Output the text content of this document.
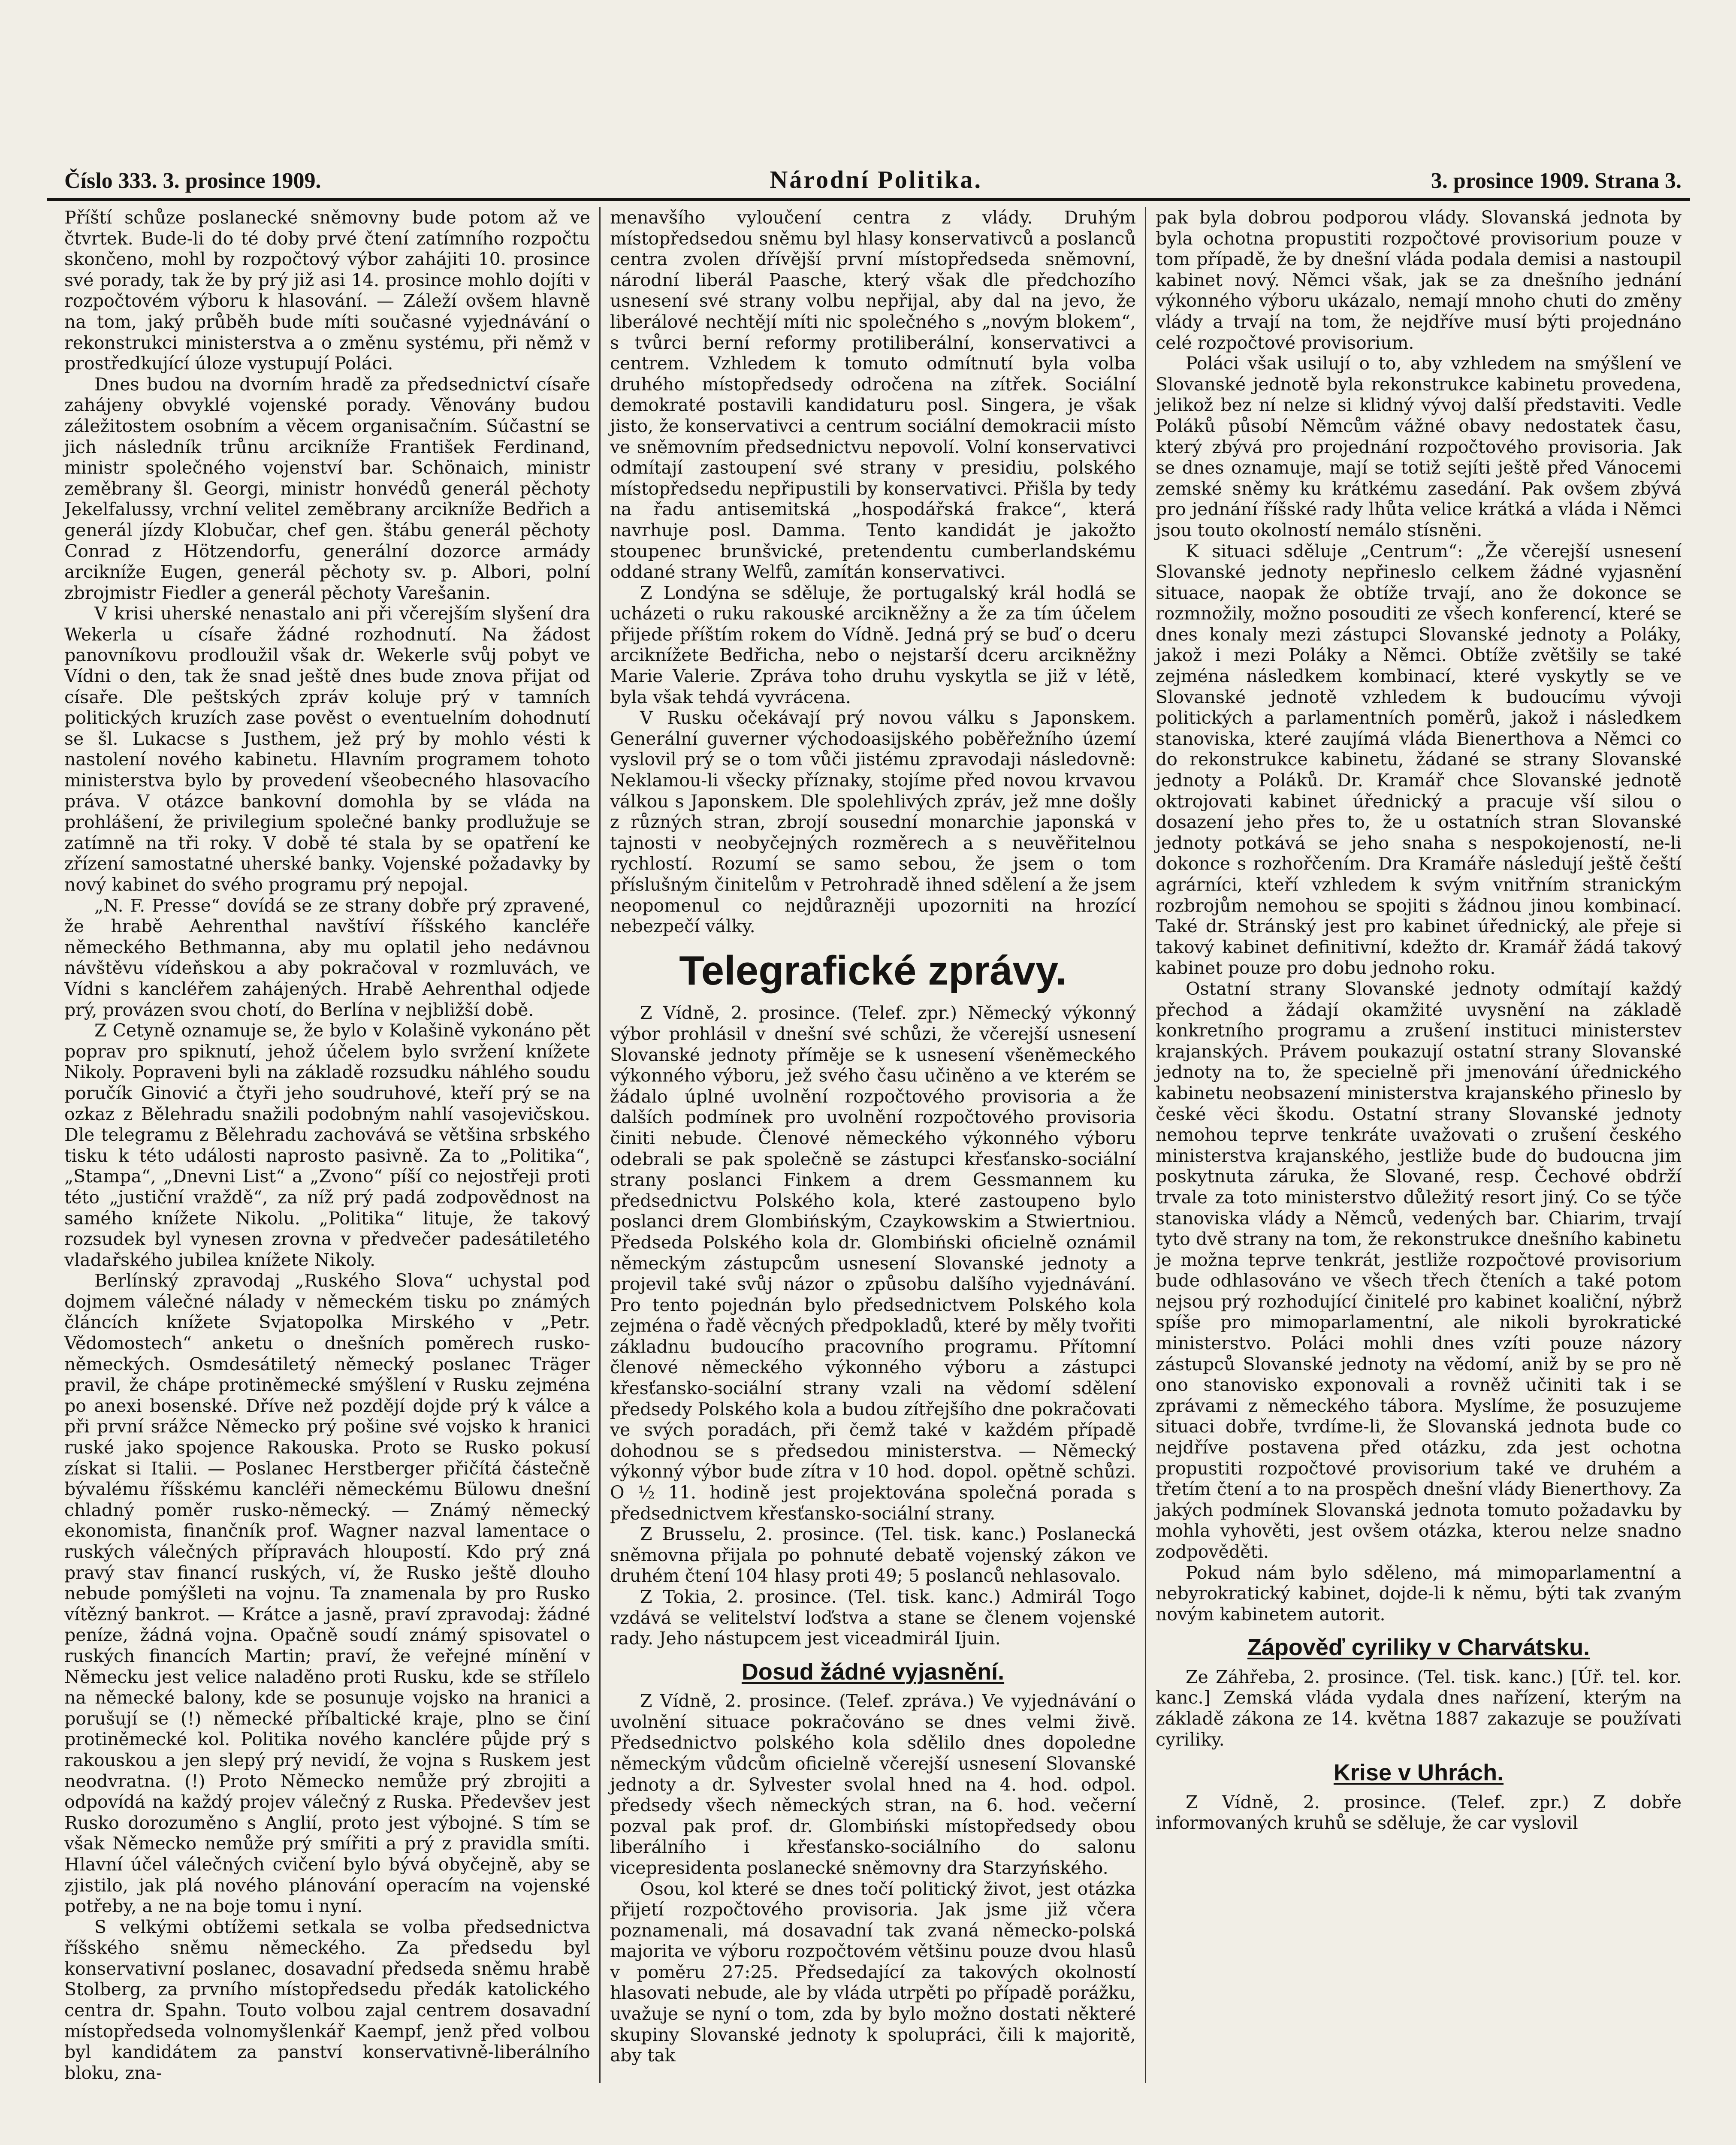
Číslo 333. 3. prosince 1909.	Národní Politika.	3. prosince 1909. Strana 3.

Příští schůze poslanecké sněmovny bude potom až ve čtvrtek. Bude-li do té doby prvé čtení zatímního rozpočtu skončeno, mohl by rozpočtový výbor zahájiti 10. prosince své porady, tak že by prý již asi 14. prosince mohlo dojíti v rozpočtovém výboru k hlasování. — Záleží ovšem hlavně na tom, jaký průběh bude míti současné vyjednávání o rekonstrukci ministerstva a o změnu systému, při němž v prostředkující úloze vystupují Poláci.

Dnes budou na dvorním hradě za předsednictví císaře zahájeny obvyklé vojenské porady. Věnovány budou záležitostem osobním a věcem organisačním. Súčastní se jich následník trůnu arcikníže František Ferdinand, ministr společného vojenství bar. Schönaich, ministr zeměbrany šl. Georgi, ministr honvédů generál pěchoty Jekelfalussy, vrchní velitel zeměbrany arcikníže Bedřich a generál jízdy Klobučar, chef gen. štábu generál pěchoty Conrad z Hötzendorfu, generální dozorce armády arcikníže Eugen, generál pěchoty sv. p. Albori, polní zbrojmistr Fiedler a generál pěchoty Varešanin.

V krisi uherské nenastalo ani při včerejším slyšení dra Wekerla u císaře žádné rozhodnutí. Na žádost panovníkovu prodloužil však dr. Wekerle svůj pobyt ve Vídni o den, tak že snad ještě dnes bude znova přijat od císaře. Dle peštských zpráv koluje prý v tamních politických kruzích zase pověst o eventuelním dohodnutí se šl. Lukacse s Justhem, jež prý by mohlo vésti k nastolení nového kabinetu. Hlavním programem tohoto ministerstva bylo by provedení všeobecného hlasovacího práva. V otázce bankovní domohla by se vláda na prohlášení, že privilegium společné banky prodlužuje se zatímně na tři roky. V době té stala by se opatření ke zřízení samostatné uherské banky. Vojenské požadavky by nový kabinet do svého programu prý nepojal.

„N. F. Presse“ dovídá se ze strany dobře prý zpravené, že hrabě Aehrenthal navštíví říšského kancléře německého Bethmanna, aby mu oplatil jeho nedávnou návštěvu vídeňskou a aby pokračoval v rozmluvách, ve Vídni s kancléřem zahájených. Hrabě Aehrenthal odjede prý, provázen svou chotí, do Berlína v nejbližší době.

Z Cetyně oznamuje se, že bylo v Kolašině vykonáno pět poprav pro spiknutí, jehož účelem bylo svržení knížete Nikoly. Popraveni byli na základě rozsudku náhlého soudu poručík Ginović a čtyři jeho soudruhové, kteří prý se na ozkaz z Bělehradu snažili podobným nahlí vasojevičskou. Dle telegramu z Bělehradu zachovává se většina srbského tisku k této události naprosto pasivně. Za to „Politika“, „Stampa“, „Dnevni List“ a „Zvono“ píší co nejostřeji proti této „justiční vraždě“, za níž prý padá zodpovědnost na samého knížete Nikolu. „Politika“ lituje, že takový rozsudek byl vynesen zrovna v předvečer padesátiletého vladařského jubilea knížete Nikoly.

Berlínský zpravodaj „Ruského Slova“ uchystal pod dojmem válečné nálady v německém tisku po známých článcích knížete Svjatopolka Mirského v „Petr. Vědomostech“ anketu o dnešních poměrech rusko-německých. Osmdesátiletý německý poslanec Träger pravil, že chápe protiněmecké smýšlení v Rusku zejména po anexi bosenské. Dříve než pozdějí dojde prý k válce a při první srážce Německo prý pošine své vojsko k hranici ruské jako spojence Rakouska. Proto se Rusko pokusí získat si Italii. — Poslanec Herstberger přičítá částečně bývalému říšskému kancléři německému Bülowu dnešní chladný poměr rusko-německý. — Známý německý ekonomista, finančník prof. Wagner nazval lamentace o ruských válečných přípravách hloupostí. Kdo prý zná pravý stav financí ruských, ví, že Rusko ještě dlouho nebude pomýšleti na vojnu. Ta znamenala by pro Rusko vítězný bankrot. — Krátce a jasně, praví zpravodaj: žádné peníze, žádná vojna. Opačně soudí známý spisovatel o ruských financích Martin; praví, že veřejné mínění v Německu jest velice naladěno proti Rusku, kde se střílelo na německé balony, kde se posunuje vojsko na hranici a porušují se (!) německé příbaltické kraje, plno se činí protiněmecké kol. Politika nového kanclére půjde prý s rakouskou a jen slepý prý nevidí, že vojna s Ruskem jest neodvratna. (!) Proto Německo nemůže prý zbrojiti a odpovídá na každý projev válečný z Ruska. Předevšev jest Rusko dorozuměno s Anglií, proto jest výbojné. S tím se však Německo nemůže prý smířiti a prý z pravidla smíti. Hlavní účel válečných cvičení bylo bývá obyčejně, aby se zjistilo, jak plá nového plánování operacím na vojenské potřeby, a ne na boje tomu i nyní.

S velkými obtížemi setkala se volba předsednictva říšského sněmu německého. Za předsedu byl konservativní poslanec, dosavadní předseda sněmu hrabě Stolberg, za prvního místopředsedu předák katolického centra dr. Spahn. Touto volbou zajal centrem dosavadní místopředseda volnomyšlenkář Kaempf, jenž před volbou byl kandidátem za panství konservativně-liberálního bloku, zna-

menavšího vyloučení centra z vlády. Druhým místopředsedou sněmu byl hlasy konservativců a poslanců centra zvolen dřívější první místopředseda sněmovní, národní liberál Paasche, který však dle předchozího usnesení své strany volbu nepřijal, aby dal na jevo, že liberálové nechtějí míti nic společného s „novým blokem“, s tvůrci berní reformy protiliberální, konservativci a centrem. Vzhledem k tomuto odmítnutí byla volba druhého místopředsedy odročena na zítřek. Sociální demokraté postavili kandidaturu posl. Singera, je však jisto, že konservativci a centrum sociální demokracii místo ve sněmovním předsednictvu nepovolí. Volní konservativci odmítají zastoupení své strany v presidiu, polského místopředsedu nepřipustili by konservativci. Přišla by tedy na řadu antisemitská „hospodářská frakce“, která navrhuje posl. Damma. Tento kandidát je jakožto stoupenec brunšvické, pretendentu cumberlandskému oddané strany Welfů, zamítán konservativci.

Z Londýna se sděluje, že portugalský král hodlá se ucházeti o ruku rakouské arcikněžny a že za tím účelem přijede příštím rokem do Vídně. Jedná prý se buď o dceru arciknížete Bedřicha, nebo o nejstarší dceru arcikněžny Marie Valerie. Zpráva toho druhu vyskytla se již v létě, byla však tehdá vyvrácena.

V Rusku očekávají prý novou válku s Japonskem. Generální guverner východoasijského poběřežního území vyslovil prý se o tom vůči jistému zpravodaji následovně: Neklamou-li všecky příznaky, stojíme před novou krvavou válkou s Japonskem. Dle spolehlivých zpráv, jež mne došly z různých stran, zbrojí sousední monarchie japonská v tajnosti v neobyčejných rozměrech a s neuvěřitelnou rychlostí. Rozumí se samo sebou, že jsem o tom příslušným činitelům v Petrohradě ihned sdělení a že jsem neopomenul co nejdůrazněji upozorniti na hrozící nebezpečí války.

Telegrafické zprávy.

Z Vídně, 2. prosince. (Telef. zpr.) Německý výkonný výbor prohlásil v dnešní své schůzi, že včerejší usnesení Slovanské jednoty příměje se k usnesení všeněmeckého výkonného výboru, jež svého času učiněno a ve kterém se žádalo úplné uvolnění rozpočtového provisoria a že dalších podmínek pro uvolnění rozpočtového provisoria činiti nebude. Členové německého výkonného výboru odebrali se pak společně se zástupci křesťansko-sociální strany poslanci Finkem a drem Gessmannem ku předsednictvu Polského kola, které zastoupeno bylo poslanci drem Glombińským, Czaykowskim a Stwiertniou. Předseda Polského kola dr. Glombiński oficielně oznámil německým zástupcům usnesení Slovanské jednoty a projevil také svůj názor o způsobu dalšího vyjednávání. Pro tento pojednán bylo předsednictvem Polského kola zejména o řadě věcných předpokladů, které by měly tvořiti základnu budoucího pracovního programu. Přítomní členové německého výkonného výboru a zástupci křesťansko-sociální strany vzali na vědomí sdělení předsedy Polského kola a budou zítřejšího dne pokračovati ve svých poradách, při čemž také v každém případě dohodnou se s předsedou ministerstva. — Německý výkonný výbor bude zítra v 10 hod. dopol. opětně schůzi. O ½ 11. hodině jest projektována společná porada s předsednictvem křesťansko-sociální strany.

Z Brusselu, 2. prosince. (Tel. tisk. kanc.) Poslanecká sněmovna přijala po pohnuté debatě vojenský zákon ve druhém čtení 104 hlasy proti 49; 5 poslanců nehlasovalo.

Z Tokia, 2. prosince. (Tel. tisk. kanc.) Admirál Togo vzdává se velitelství loďstva a stane se členem vojenské rady. Jeho nástupcem jest viceadmirál Ijuin.

Dosud žádné vyjasnění.

Z Vídně, 2. prosince. (Telef. zpráva.) Ve vyjednávání o uvolnění situace pokračováno se dnes velmi živě. Předsednictvo polského kola sdělilo dnes dopoledne německým vůdcům oficielně včerejší usnesení Slovanské jednoty a dr. Sylvester svolal hned na 4. hod. odpol. předsedy všech německých stran, na 6. hod. večerní pozval pak prof. dr. Glombiński místopředsedy obou liberálního i křesťansko-sociálního do salonu vicepresidenta poslanecké sněmovny dra Starzyńského.

Osou, kol které se dnes točí politický život, jest otázka přijetí rozpočtového provisoria. Jak jsme již včera poznamenali, má dosavadní tak zvaná německo-polská majorita ve výboru rozpočtovém většinu pouze dvou hlasů v poměru 27:25. Předsedající za takových okolností hlasovati nebude, ale by vláda utrpěti po případě porážku, uvažuje se nyní o tom, zda by bylo možno dostati některé skupiny Slovanské jednoty k spolupráci, čili k majoritě, aby tak

pak byla dobrou podporou vlády. Slovanská jednota by byla ochotna propustiti rozpočtové provisorium pouze v tom případě, že by dnešní vláda podala demisi a nastoupil kabinet nový. Němci však, jak se za dnešního jednání výkonného výboru ukázalo, nemají mnoho chuti do změny vlády a trvají na tom, že nejdříve musí býti projednáno celé rozpočtové provisorium.

Poláci však usilují o to, aby vzhledem na smýšlení ve Slovanské jednotě byla rekonstrukce kabinetu provedena, jelikož bez ní nelze si klidný vývoj další představiti. Vedle Poláků působí Němcům vážné obavy nedostatek času, který zbývá pro projednání rozpočtového provisoria. Jak se dnes oznamuje, mají se totiž sejíti ještě před Vánocemi zemské sněmy ku krátkému zasedání. Pak ovšem zbývá pro jednání říšské rady lhůta velice krátká a vláda i Němci jsou touto okolností nemálo stísněni.

K situaci sděluje „Centrum“: „Že včerejší usnesení Slovanské jednoty nepřineslo celkem žádné vyjasnění situace, naopak že obtíže trvají, ano že dokonce se rozmnožily, možno posouditi ze všech konferencí, které se dnes konaly mezi zástupci Slovanské jednoty a Poláky, jakož i mezi Poláky a Němci. Obtíže zvětšily se také zejména následkem kombinací, které vyskytly se ve Slovanské jednotě vzhledem k budoucímu vývoji politických a parlamentních poměrů, jakož i následkem stanoviska, které zaujímá vláda Bienerthova a Němci co do rekonstrukce kabinetu, žádané se strany Slovanské jednoty a Poláků. Dr. Kramář chce Slovanské jednotě oktrojovati kabinet úřednický a pracuje vší silou o dosazení jeho přes to, že u ostatních stran Slovanské jednoty potkává se jeho snaha s nespokojeností, ne-li dokonce s rozhořčením. Dra Kramáře následují ještě čeští agrárníci, kteří vzhledem k svým vnitřním stranickým rozbrojům nemohou se spojiti s žádnou jinou kombinací. Také dr. Stránský jest pro kabinet úřednický, ale přeje si takový kabinet definitivní, kdežto dr. Kramář žádá takový kabinet pouze pro dobu jednoho roku.

Ostatní strany Slovanské jednoty odmítají každý přechod a žádají okamžité uvysnění na základě konkretního programu a zrušení instituci ministerstev krajanských. Právem poukazují ostatní strany Slovanské jednoty na to, že specielně při jmenování úřednického kabinetu neobsazení ministerstva krajanského přineslo by české věci škodu. Ostatní strany Slovanské jednoty nemohou teprve tenkráte uvažovati o zrušení českého ministerstva krajanského, jestliže bude do budoucna jim poskytnuta záruka, že Slované, resp. Čechové obdrží trvale za toto ministerstvo důležitý resort jiný. Co se týče stanoviska vlády a Němců, vedených bar. Chiarim, trvají tyto dvě strany na tom, že rekonstrukce dnešního kabinetu je možna teprve tenkrát, jestliže rozpočtové provisorium bude odhlasováno ve všech třech čteních a také potom nejsou prý rozhodující činitelé pro kabinet koaliční, nýbrž spíše pro mimoparlamentní, ale nikoli byrokratické ministerstvo. Poláci mohli dnes vzíti pouze názory zástupců Slovanské jednoty na vědomí, aniž by se pro ně ono stanovisko exponovali a rovněž učiniti tak i se zprávami z německého tábora. Myslíme, že posuzujeme situaci dobře, tvrdíme-li, že Slovanská jednota bude co nejdříve postavena před otázku, zda jest ochotna propustiti rozpočtové provisorium také ve druhém a třetím čtení a to na prospěch dnešní vlády Bienerthovy. Za jakých podmínek Slovanská jednota tomuto požadavku by mohla vyhověti, jest ovšem otázka, kterou nelze snadno zodpověděti.

Pokud nám bylo sděleno, má mimoparlamentní a nebyrokratický kabinet, dojde-li k němu, býti tak zvaným novým kabinetem autorit.

Zápověď cyriliky v Charvátsku.

Ze Záhřeba, 2. prosince. (Tel. tisk. kanc.) [Úř. tel. kor. kanc.] Zemská vláda vydala dnes nařízení, kterým na základě zákona ze 14. května 1887 zakazuje se používati cyriliky.

Krise v Uhrách.

Z Vídně, 2. prosince. (Telef. zpr.) Z dobře informovaných kruhů se sděluje, že car vyslovil
